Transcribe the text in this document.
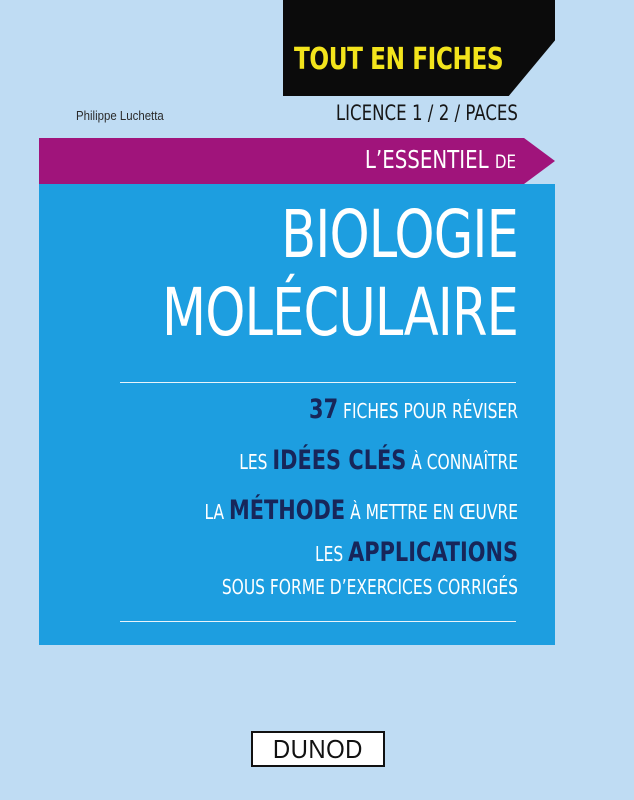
TOUT EN FICHES
Philippe Luchetta	LICENCE 1 / 2 / PACES
L’ESSENTIEL DE
BIOLOGIE
MOLÉCULAIRE
37 FICHES POUR RÉVISER
LES IDÉES CLÉS À CONNAÎTRE
LA MÉTHODE À METTRE EN ŒUVRE
LES APPLICATIONS
SOUS FORME D’EXERCICES CORRIGÉS
DUNOD
